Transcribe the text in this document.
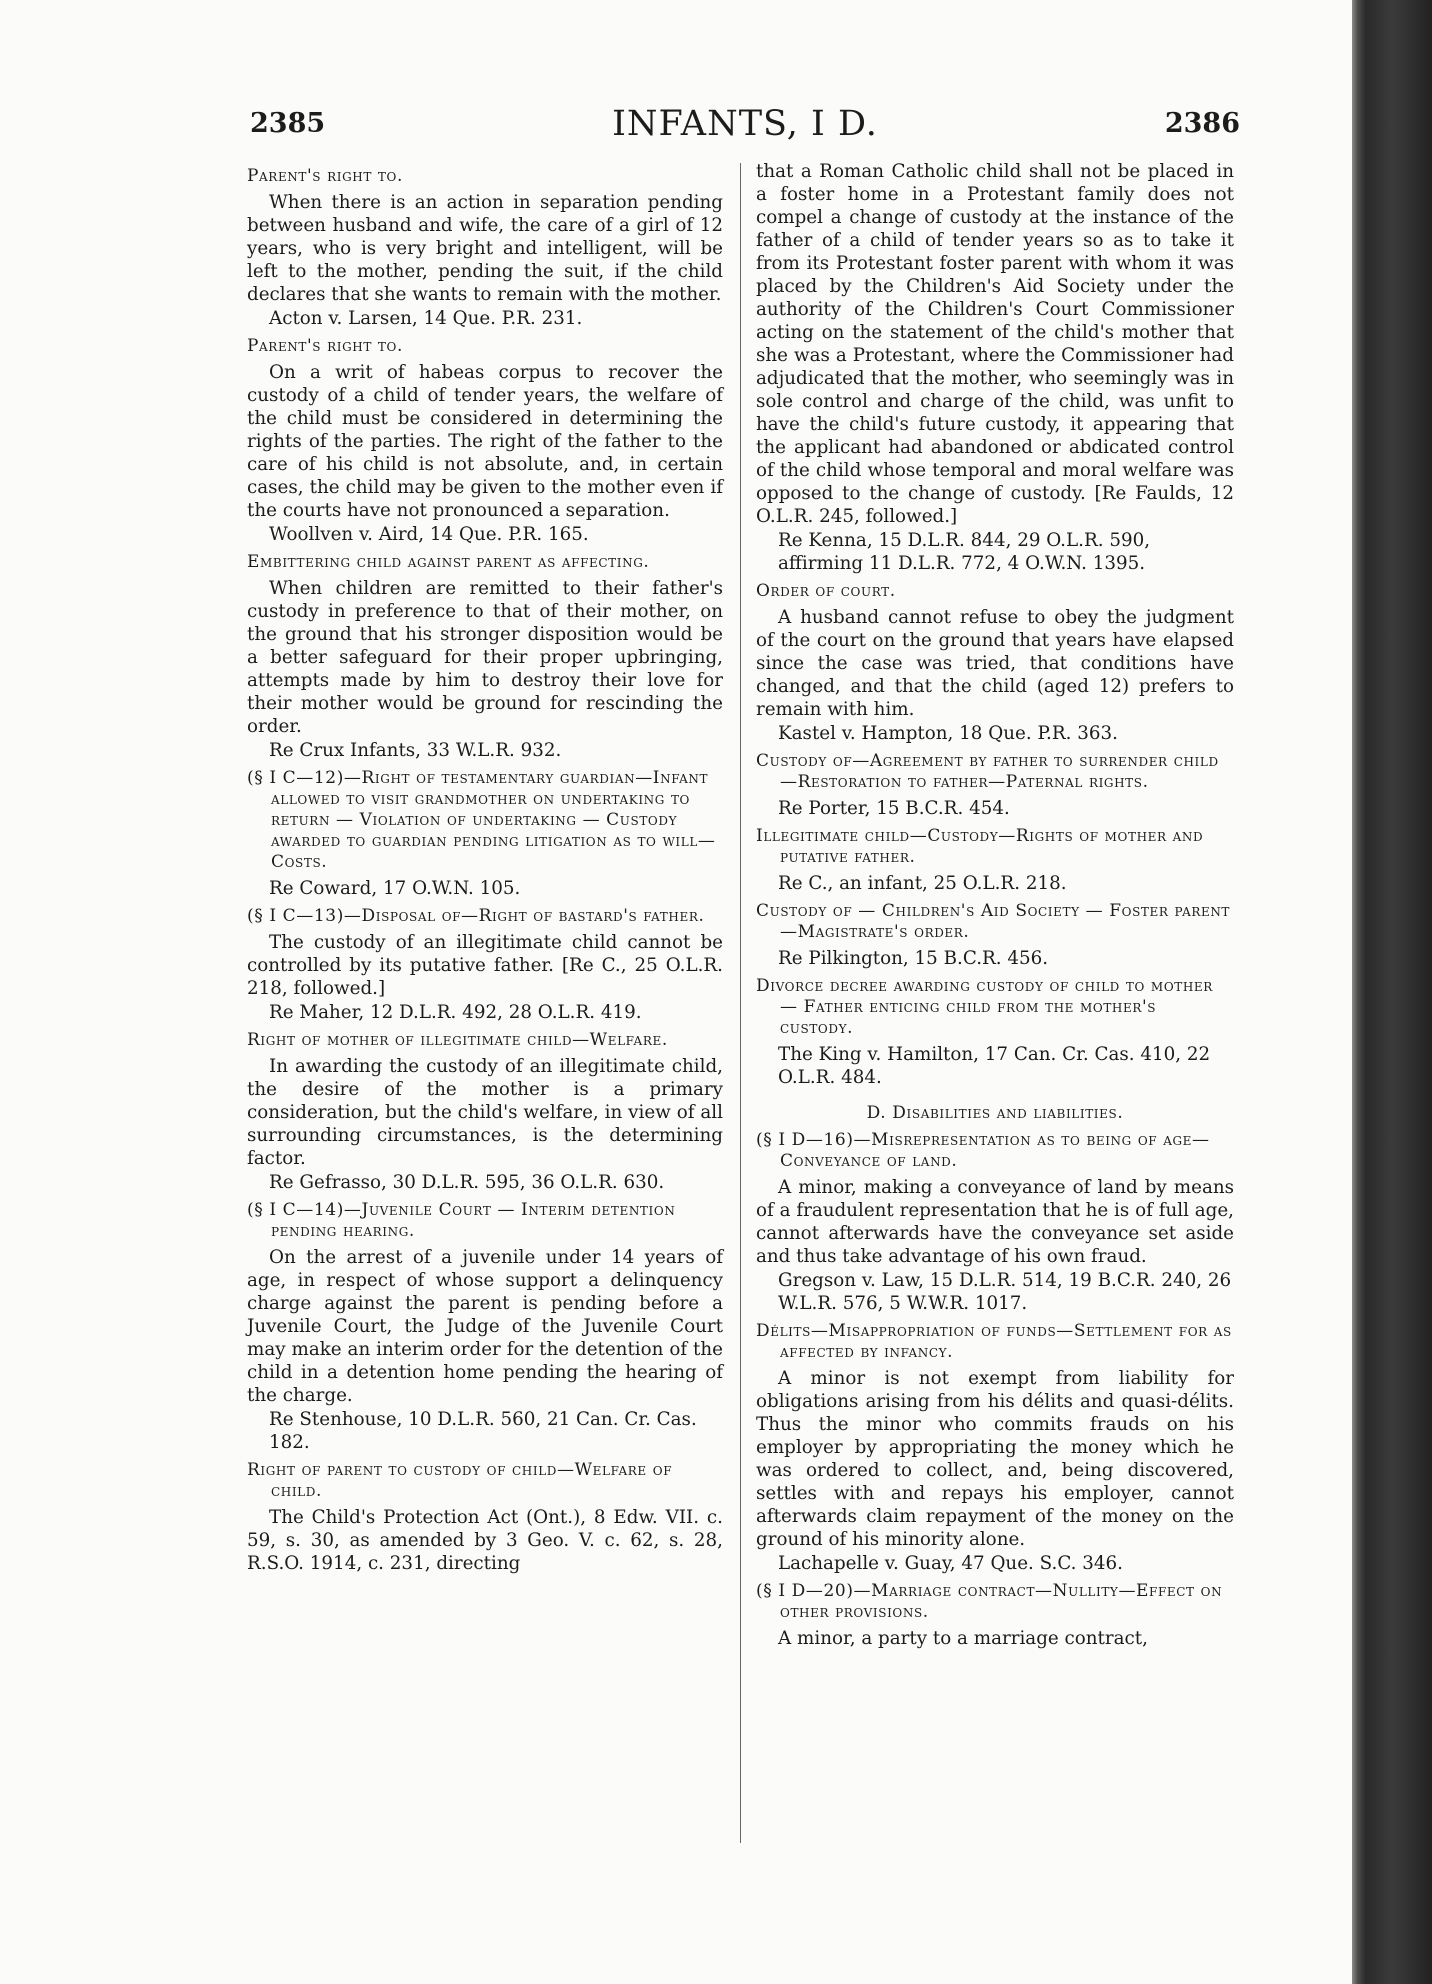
2385	INFANTS, I D.	2386
Parent's right to.

When there is an action in separation pending between husband and wife, the care of a girl of 12 years, who is very bright and intelligent, will be left to the mother, pending the suit, if the child declares that she wants to remain with the mother.

Acton v. Larsen, 14 Que. P.R. 231.
Parent's right to.

On a writ of habeas corpus to recover the custody of a child of tender years, the welfare of the child must be considered in determining the rights of the parties. The right of the father to the care of his child is not absolute, and, in certain cases, the child may be given to the mother even if the courts have not pronounced a separation.

Woollven v. Aird, 14 Que. P.R. 165.
Embittering child against parent as affecting.

When children are remitted to their father's custody in preference to that of their mother, on the ground that his stronger disposition would be a better safeguard for their proper upbringing, attempts made by him to destroy their love for their mother would be ground for rescinding the order.

Re Crux Infants, 33 W.L.R. 932.
(§ I C—12)—Right of testamentary guardian—Infant allowed to visit grandmother on undertaking to return — Violation of undertaking — Custody awarded to guardian pending litigation as to will—Costs.
Re Coward, 17 O.W.N. 105.
(§ I C—13)—Disposal of—Right of bastard's father.

The custody of an illegitimate child cannot be controlled by its putative father. [Re C., 25 O.L.R. 218, followed.]

Re Maher, 12 D.L.R. 492, 28 O.L.R. 419.
Right of mother of illegitimate child—Welfare.

In awarding the custody of an illegitimate child, the desire of the mother is a primary consideration, but the child's welfare, in view of all surrounding circumstances, is the determining factor.

Re Gefrasso, 30 D.L.R. 595, 36 O.L.R. 630.
(§ I C—14)—Juvenile Court — Interim detention pending hearing.

On the arrest of a juvenile under 14 years of age, in respect of whose support a delinquency charge against the parent is pending before a Juvenile Court, the Judge of the Juvenile Court may make an interim order for the detention of the child in a detention home pending the hearing of the charge.

Re Stenhouse, 10 D.L.R. 560, 21 Can. Cr. Cas. 182.
Right of parent to custody of child—Welfare of child.

The Child's Protection Act (Ont.), 8 Edw. VII. c. 59, s. 30, as amended by 3 Geo. V. c. 62, s. 28, R.S.O. 1914, c. 231, directing

that a Roman Catholic child shall not be placed in a foster home in a Protestant family does not compel a change of custody at the instance of the father of a child of tender years so as to take it from its Protestant foster parent with whom it was placed by the Children's Aid Society under the authority of the Children's Court Commissioner acting on the statement of the child's mother that she was a Protestant, where the Commissioner had adjudicated that the mother, who seemingly was in sole control and charge of the child, was unfit to have the child's future custody, it appearing that the applicant had abandoned or abdicated control of the child whose temporal and moral welfare was opposed to the change of custody. [Re Faulds, 12 O.L.R. 245, followed.]

Re Kenna, 15 D.L.R. 844, 29 O.L.R. 590, affirming 11 D.L.R. 772, 4 O.W.N. 1395.
Order of court.

A husband cannot refuse to obey the judgment of the court on the ground that years have elapsed since the case was tried, that conditions have changed, and that the child (aged 12) prefers to remain with him.

Kastel v. Hampton, 18 Que. P.R. 363.
Custody of—Agreement by father to surrender child—Restoration to father—Paternal rights.
Re Porter, 15 B.C.R. 454.
Illegitimate child—Custody—Rights of mother and putative father.
Re C., an infant, 25 O.L.R. 218.
Custody of — Children's Aid Society — Foster parent—Magistrate's order.
Re Pilkington, 15 B.C.R. 456.
Divorce decree awarding custody of child to mother — Father enticing child from the mother's custody.
The King v. Hamilton, 17 Can. Cr. Cas. 410, 22 O.L.R. 484.
D. Disabilities and liabilities.
(§ I D—16)—Misrepresentation as to being of age—Conveyance of land.

A minor, making a conveyance of land by means of a fraudulent representation that he is of full age, cannot afterwards have the conveyance set aside and thus take advantage of his own fraud.

Gregson v. Law, 15 D.L.R. 514, 19 B.C.R. 240, 26 W.L.R. 576, 5 W.W.R. 1017.
Délits—Misappropriation of funds—Settlement for as affected by infancy.

A minor is not exempt from liability for obligations arising from his délits and quasi-délits. Thus the minor who commits frauds on his employer by appropriating the money which he was ordered to collect, and, being discovered, settles with and repays his employer, cannot afterwards claim repayment of the money on the ground of his minority alone.

Lachapelle v. Guay, 47 Que. S.C. 346.
(§ I D—20)—Marriage contract—Nullity—Effect on other provisions.

A minor, a party to a marriage contract,
